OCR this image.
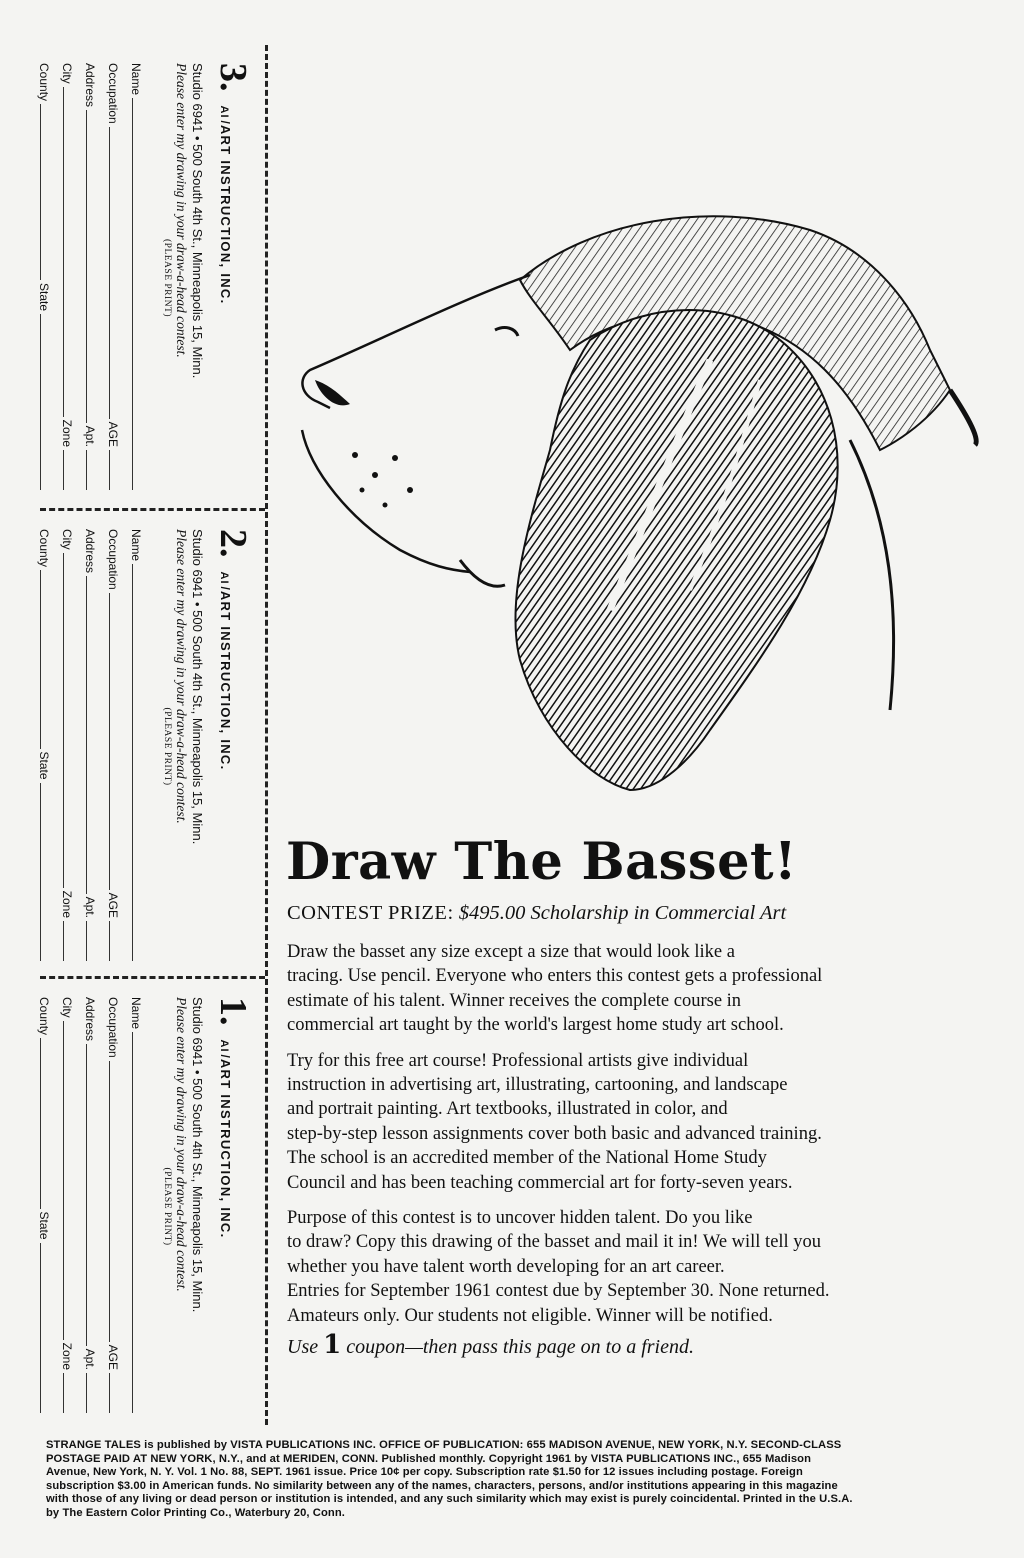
3.
AI/ART INSTRUCTION, INC.
Studio 6941 • 500 South 4th St., Minneapolis 15, Minn.
Please enter my drawing in your draw-a-head contest.
(PLEASE PRINT)
Name
Occupation
AGE
Address
Apt.
City
Zone
County
State
2.
AI/ART INSTRUCTION, INC.
Studio 6941 • 500 South 4th St., Minneapolis 15, Minn.
Please enter my drawing in your draw-a-head contest.
(PLEASE PRINT)
Name
Occupation
AGE
Address
Apt.
City
Zone
County
State
1.
AI/ART INSTRUCTION, INC.
Studio 6941 • 500 South 4th St., Minneapolis 15, Minn.
Please enter my drawing in your draw-a-head contest.
(PLEASE PRINT)
Name
Occupation
AGE
Address
Apt.
City
Zone
County
State
Draw The Basset!
CONTEST PRIZE: $495.00 Scholarship in Commercial Art

Draw the basset any size except a size that would look like a
tracing. Use pencil. Everyone who enters this contest gets a professional
estimate of his talent. Winner receives the complete course in
commercial art taught by the world's largest home study art school.

Try for this free art course! Professional artists give individual
instruction in advertising art, illustrating, cartooning, and landscape
and portrait painting. Art textbooks, illustrated in color, and
step-by-step lesson assignments cover both basic and advanced training.
The school is an accredited member of the National Home Study
Council and has been teaching commercial art for forty-seven years.

Purpose of this contest is to uncover hidden talent. Do you like
to draw? Copy this drawing of the basset and mail it in! We will tell you
whether you have talent worth developing for an art career.
Entries for September 1961 contest due by September 30. None returned.
Amateurs only. Our students not eligible. Winner will be notified.

Use 1 coupon—then pass this page on to a friend.
STRANGE TALES is published by VISTA PUBLICATIONS INC. OFFICE OF PUBLICATION: 655 MADISON AVENUE, NEW YORK, N.Y. SECOND-CLASS
POSTAGE PAID AT NEW YORK, N.Y., and at MERIDEN, CONN. Published monthly. Copyright 1961 by VISTA PUBLICATIONS INC., 655 Madison
Avenue, New York, N. Y. Vol. 1 No. 88, SEPT. 1961 issue. Price 10¢ per copy. Subscription rate $1.50 for 12 issues including postage. Foreign
subscription $3.00 in American funds. No similarity between any of the names, characters, persons, and/or institutions appearing in this magazine
with those of any living or dead person or institution is intended, and any such similarity which may exist is purely coincidental. Printed in the U.S.A.
by The Eastern Color Printing Co., Waterbury 20, Conn.
